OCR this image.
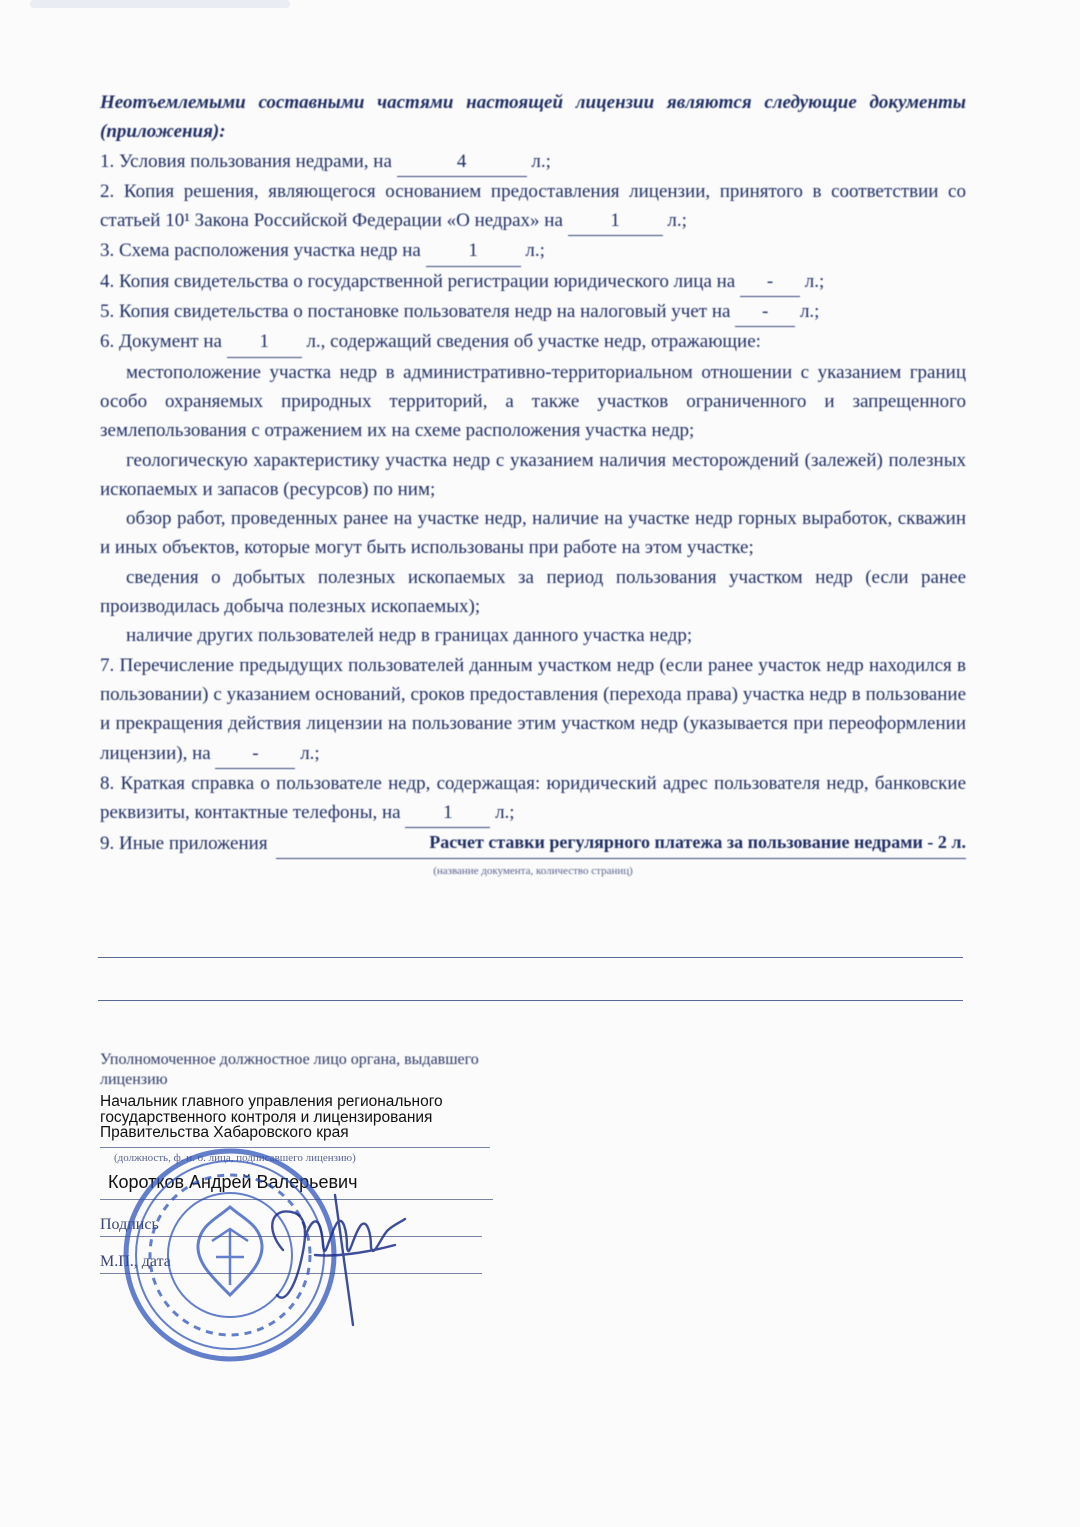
Неотъемлемыми составными частями настоящей лицензии являются следующие документы (приложения):

1. Условия пользования недрами, на	4	л.;

2. Копия решения, являющегося основанием предоставления лицензии, принятого в соответствии со статьей 10¹ Закона Российской Федерации «О недрах» на 1 л.;

3. Схема расположения участка недр на 1 л.;

4. Копия свидетельства о государственной регистрации юридического лица на - л.;

5. Копия свидетельства о постановке пользователя недр на налоговый учет на - л.;

6. Документ на 1 л., содержащий сведения об участке недр, отражающие:

местоположение участка недр в административно-территориальном отношении с указанием границ особо охраняемых природных территорий, а также участков ограниченного и запрещенного землепользования с отражением их на схеме расположения участка недр;

геологическую характеристику участка недр с указанием наличия месторождений (залежей) полезных ископаемых и запасов (ресурсов) по ним;

обзор работ, проведенных ранее на участке недр, наличие на участке недр горных выработок, скважин и иных объектов, которые могут быть использованы при работе на этом участке;

сведения о добытых полезных ископаемых за период пользования участком недр (если ранее производилась добыча полезных ископаемых);

наличие других пользователей недр в границах данного участка недр;

7. Перечисление предыдущих пользователей данным участком недр (если ранее участок недр находился в пользовании) с указанием оснований, сроков предоставления (перехода права) участка недр в пользование и прекращения действия лицензии на пользование этим участком недр (указывается при переоформлении лицензии), на - л.;

8. Краткая справка о пользователе недр, содержащая: юридический адрес пользователя недр, банковские реквизиты, контактные телефоны, на 1 л.;

9. Иные приложения	Расчет ставки регулярного платежа за пользование недрами - 2 л.
(название документа, количество страниц)
Уполномоченное должностное лицо органа, выдавшего лицензию
Начальник главного управления регионального государственного контроля и лицензирования Правительства Хабаровского края
(должность, ф. и. о. лица, подписавшего лицензию)
Коротков Андрей Валерьевич
Подпись
М.П., дата
